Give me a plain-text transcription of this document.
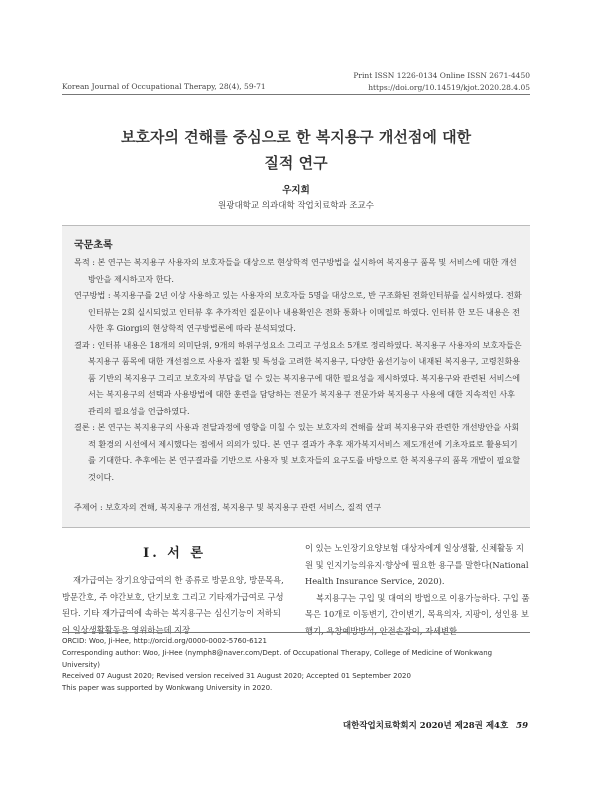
Korean Journal of Occupational Therapy, 28(4), 59-71
Print ISSN 1226-0134 Online ISSN 2671-4450
https://doi.org/10.14519/kjot.2020.28.4.05
보호자의 견해를 중심으로 한 복지용구 개선점에 대한
질적 연구
우지희
원광대학교 의과대학 작업치료학과 조교수
국문초록

목적 : 본 연구는 복지용구 사용자의 보호자들을 대상으로 현상학적 연구방법을 실시하여 복지용구 품목 및 서비스에 대한 개선방안을 제시하고자 한다.

연구방법 : 복지용구를 2년 이상 사용하고 있는 사용자의 보호자들 5명을 대상으로, 반 구조화된 전화인터뷰를 실시하였다. 전화 인터뷰는 2회 실시되었고 인터뷰 후 추가적인 질문이나 내용확인은 전화 통화나 이메일로 하였다. 인터뷰 한 모든 내용은 전사한 후 Giorgi의 현상학적 연구방법론에 따라 분석되었다.

결과 : 인터뷰 내용은 18개의 의미단위, 9개의 하위구성요소 그리고 구성요소 5개로 정리하였다. 복지용구 사용자의 보호자들은 복지용구 품목에 대한 개선점으로 사용자 질환 및 특성을 고려한 복지용구, 다양한 움선기능이 내재된 복지용구, 고령친화용품 기반의 복지용구 그리고 보호자의 부담을 덜 수 있는 복지용구에 대한 필요성을 제시하였다. 복지용구와 관련된 서비스에서는 복지용구의 선택과 사용방법에 대한 훈련을 담당하는 전문가 복지용구 전문가와 복지용구 사용에 대한 지속적인 사후관리의 필요성을 언급하였다.

결론 : 본 연구는 복지용구의 사용과 전달과정에 영향을 미칠 수 있는 보호자의 견해를 살펴 복지용구와 관련한 개선방안을 사회적 환경의 시선에서 제시했다는 점에서 의의가 있다. 본 연구 결과가 추후 재가복지서비스 제도개선에 기초자료로 활용되기를 기대한다. 추후에는 본 연구결과를 기반으로 사용자 및 보호자들의 요구도를 바탕으로 한 복지용구의 품목 개발이 필요할 것이다.

주제어 : 보호자의 견해, 복지용구 개선점, 복지용구 및 복지용구 관련 서비스, 질적 연구
Ⅰ. 서 론

재가급여는 장기요양급여의 한 종류로 방문요양, 방문목욕, 방문간호, 주 야간보호, 단기보호 그리고 기타재가급여로 구성된다. 기타 재가급여에 속하는 복지용구는 심신기능이 저하되어 일상생활활동을 영위하는데 지장

이 있는 노인장기요양보험 대상자에게 일상생활, 신체활동 지원 및 인지기능의유지·향상에 필요한 용구를 말한다(National Health Insurance Service, 2020).

복지용구는 구입 및 대여의 방법으로 이용가능하다. 구입 품목은 10개로 이동변기, 간이변기, 목욕의자, 지팡이, 성인용 보행기, 욕창예방방석, 안전손잡이, 자세변환

ORCID: Woo, Ji-Hee, http://orcid.org/0000-0002-5760-6121
Corresponding author: Woo, Ji-Hee (nymph8@naver.com/Dept. of Occupational Therapy, College of Medicine of Wonkwang University)
Received 07 August 2020; Revised version received 31 August 2020; Accepted 01 September 2020
This paper was supported by Wonkwang University in 2020.
대한작업치료학회지 2020년 제28권 제4호 59
